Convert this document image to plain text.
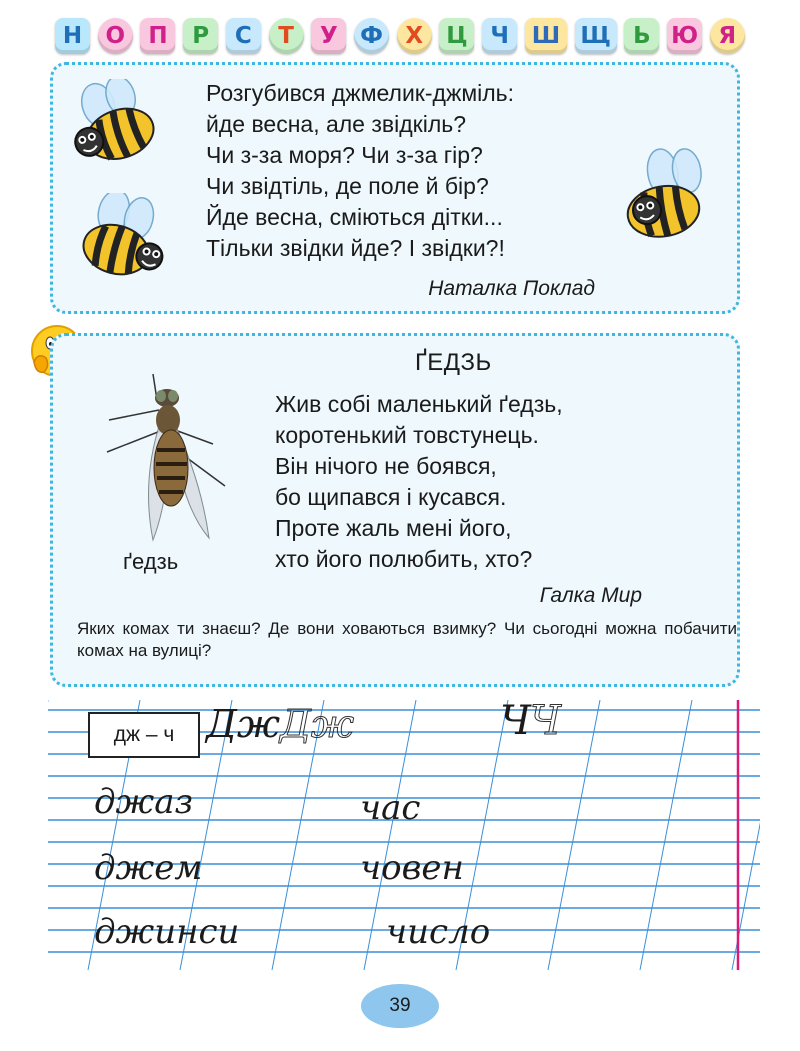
Н	О	П	Р	С	Т	У Ф Х	Ц Ч Ш Щ Ь Ю Я
Розгубився джмелик-джміль:
йде весна, але звідкіль?
Чи з-за моря? Чи з-за гір?
Чи звідтіль, де поле й бір?
Йде весна, сміються дітки...
Тільки звідки йде? І звідки?!
Наталка Поклад
ҐЕДЗЬ
Жив собі маленький ґедзь,
коротенький товстунець.
Він нічого не боявся,
бо щипався і кусався.
Проте жаль мені його,
хто його полюбить, хто?
Галка Мир
ґедзь
Яких комах ти знаєш? Де вони ховаються взимку? Чи сьогодні можна побачити комах на вулиці?
дж – ч Дж Дж	Ч Ч
джаз
джем
джинси
час
човен
число
39
